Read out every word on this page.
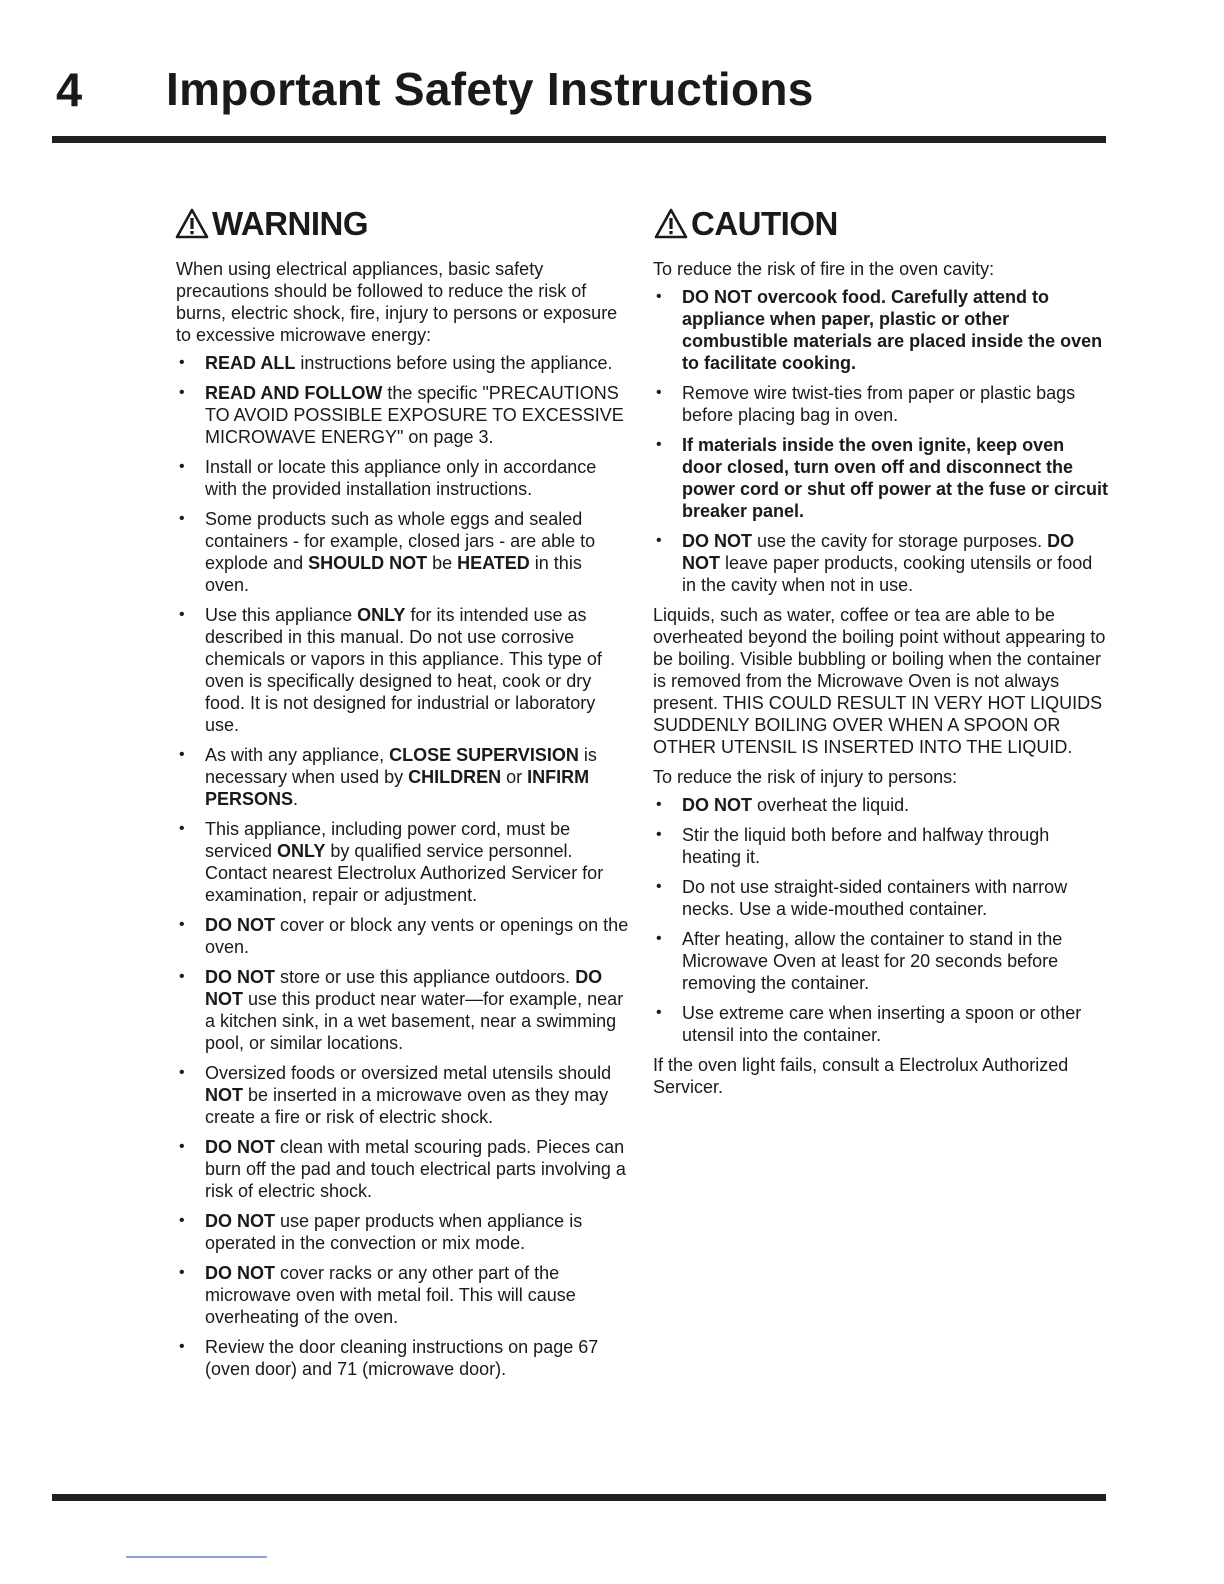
4 Important Safety Instructions
WARNING

When using electrical appliances, basic safety precautions should be followed to reduce the risk of burns, electric shock, fire, injury to persons or exposure to excessive microwave energy:

• READ ALL instructions before using the appliance.
• READ AND FOLLOW the specific "PRECAUTIONS TO AVOID POSSIBLE EXPOSURE TO EXCESSIVE MICROWAVE ENERGY" on page 3.
• Install or locate this appliance only in accordance with the provided installation instructions.
• Some products such as whole eggs and sealed containers - for example, closed jars - are able to explode and SHOULD NOT be HEATED in this oven.
• Use this appliance ONLY for its intended use as described in this manual. Do not use corrosive chemicals or vapors in this appliance. This type of oven is specifically designed to heat, cook or dry food. It is not designed for industrial or laboratory use.
• As with any appliance, CLOSE SUPERVISION is necessary when used by CHILDREN or INFIRM PERSONS.
• This appliance, including power cord, must be serviced ONLY by qualified service personnel. Contact nearest Electrolux Authorized Servicer for examination, repair or adjustment.
• DO NOT cover or block any vents or openings on the oven.
• DO NOT store or use this appliance outdoors. DO NOT use this product near water—for example, near a kitchen sink, in a wet basement, near a swimming pool, or similar locations.
• Oversized foods or oversized metal utensils should NOT be inserted in a microwave oven as they may create a fire or risk of electric shock.
• DO NOT clean with metal scouring pads. Pieces can burn off the pad and touch electrical parts involving a risk of electric shock.
• DO NOT use paper products when appliance is operated in the convection or mix mode.
• DO NOT cover racks or any other part of the microwave oven with metal foil. This will cause overheating of the oven.
• Review the door cleaning instructions on page 67 (oven door) and 71 (microwave door).
CAUTION

To reduce the risk of fire in the oven cavity:

• DO NOT overcook food. Carefully attend to appliance when paper, plastic or other combustible materials are placed inside the oven to facilitate cooking.
• Remove wire twist-ties from paper or plastic bags before placing bag in oven.
• If materials inside the oven ignite, keep oven door closed, turn oven off and disconnect the power cord or shut off power at the fuse or circuit breaker panel.
• DO NOT use the cavity for storage purposes. DO NOT leave paper products, cooking utensils or food in the cavity when not in use.

Liquids, such as water, coffee or tea are able to be overheated beyond the boiling point without appearing to be boiling. Visible bubbling or boiling when the container is removed from the Microwave Oven is not always present. THIS COULD RESULT IN VERY HOT LIQUIDS SUDDENLY BOILING OVER WHEN A SPOON OR OTHER UTENSIL IS INSERTED INTO THE LIQUID.

To reduce the risk of injury to persons:

• DO NOT overheat the liquid.
• Stir the liquid both before and halfway through heating it.
• Do not use straight-sided containers with narrow necks. Use a wide-mouthed container.
• After heating, allow the container to stand in the Microwave Oven at least for 20 seconds before removing the container.
• Use extreme care when inserting a spoon or other utensil into the container.

If the oven light fails, consult a Electrolux Authorized Servicer.
